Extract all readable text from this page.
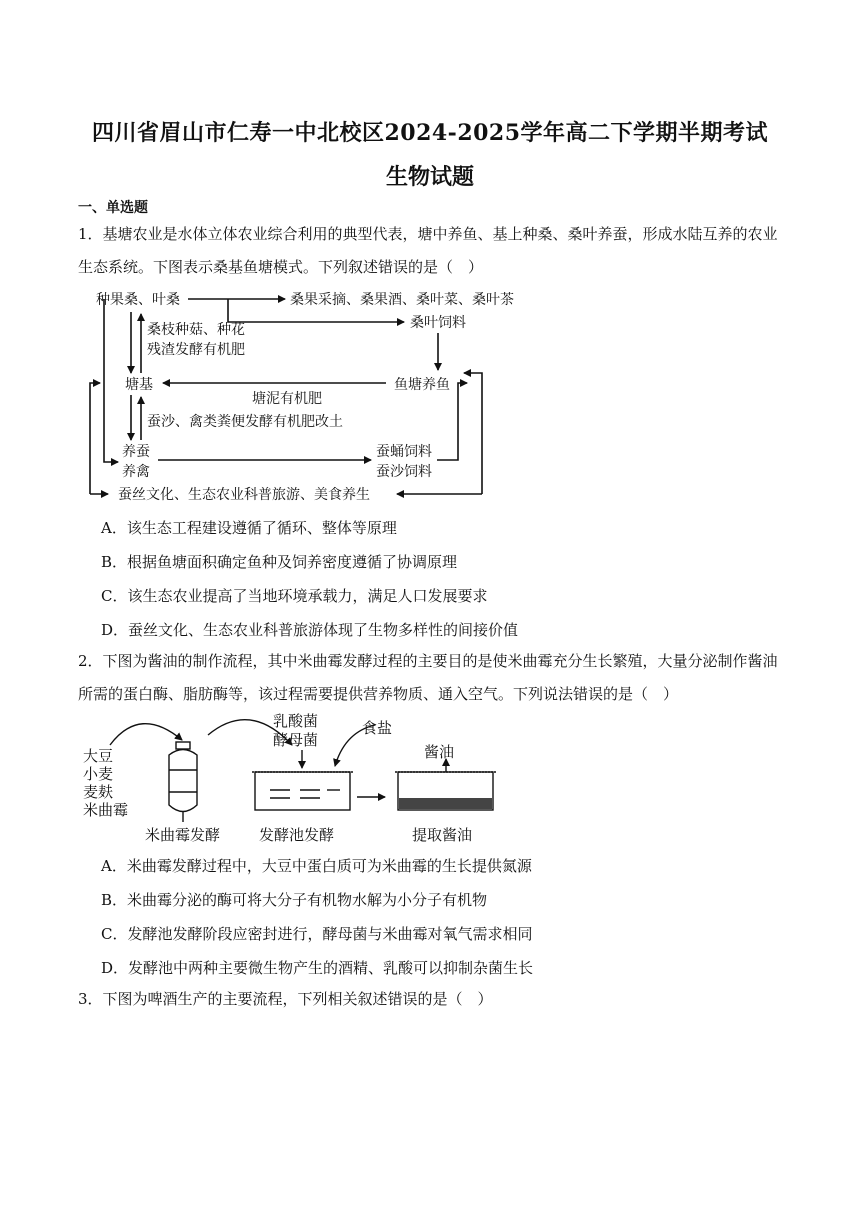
四川省眉山市仁寿一中北校区2024-2025学年高二下学期半期考试
生物试题
一、单选题
1．基塘农业是水体立体农业综合利用的典型代表，塘中养鱼、基上种桑、桑叶养蚕，形成水陆互养的农业生态系统。下图表示桑基鱼塘模式。下列叙述错误的是（　）
种果桑、叶桑	桑果采摘、桑果酒、桑叶菜、桑叶茶
桑叶饲料
桑枝种菇、种花
残渣发酵有机肥
塘基	鱼塘养鱼
塘泥有机肥
蚕沙、禽类粪便发酵有机肥改土
养蚕
养禽
蚕蛹饲料
蚕沙饲料
蚕丝文化、生态农业科普旅游、美食养生
A．该生态工程建设遵循了循环、整体等原理
B．根据鱼塘面积确定鱼种及饲养密度遵循了协调原理
C．该生态农业提高了当地环境承载力，满足人口发展要求
D．蚕丝文化、生态农业科普旅游体现了生物多样性的间接价值
2．下图为酱油的制作流程，其中米曲霉发酵过程的主要目的是使米曲霉充分生长繁殖，大量分泌制作酱油所需的蛋白酶、脂肪酶等，该过程需要提供营养物质、通入空气。下列说法错误的是（　）
大豆
小麦
麦麸
米曲霉
乳酸菌
酵母菌
食盐
酱油
米曲霉发酵	发酵池发酵	提取酱油
A．米曲霉发酵过程中，大豆中蛋白质可为米曲霉的生长提供氮源
B．米曲霉分泌的酶可将大分子有机物水解为小分子有机物
C．发酵池发酵阶段应密封进行，酵母菌与米曲霉对氧气需求相同
D．发酵池中两种主要微生物产生的酒精、乳酸可以抑制杂菌生长
3．下图为啤酒生产的主要流程，下列相关叙述错误的是（　）
